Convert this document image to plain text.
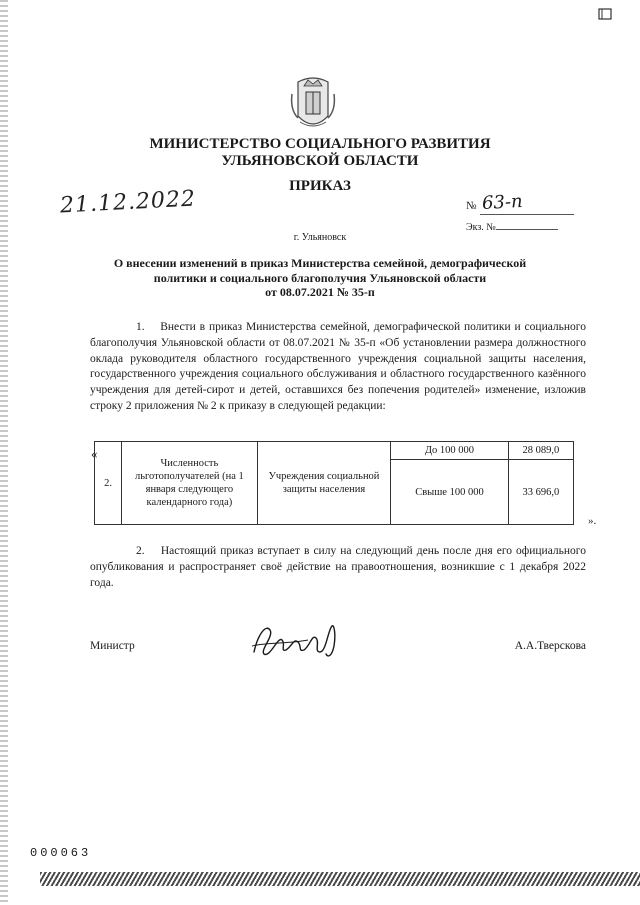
МИНИСТЕРСТВО СОЦИАЛЬНОГО РАЗВИТИЯ
УЛЬЯНОВСКОЙ ОБЛАСТИ
ПРИКАЗ
21.12.2022	№ 63-п
Экз. №
г. Ульяновск
О внесении изменений в приказ Министерства семейной, демографической
политики и социального благополучия Ульяновской области
от 08.07.2021 № 35-п
1.    Внести в приказ Министерства семейной, демографической политики и социального благополучия Ульяновской области от 08.07.2021 № 35-п «Об установлении размера должностного оклада руководителя областного государственного учреждения социальной защиты населения, государственного учреждения социального обслуживания и областного государственного казённого учреждения для детей-сирот и детей, оставшихся без попечения родителей» изменение, изложив строку 2 приложения № 2 к приказу в следующей редакции:
«
2.	Численность льготополучателей (на 1 января следующего календарного года)	Учреждения социальной защиты населения	До 100 000	28 089,0
			Свыше 100 000	33 696,0
».
2.    Настоящий приказ вступает в силу на следующий день после дня его официального опубликования и распространяет своё действие на правоотношения, возникшие с 1 декабря 2022 года.
Министр	А.А.Тверскова
000063
